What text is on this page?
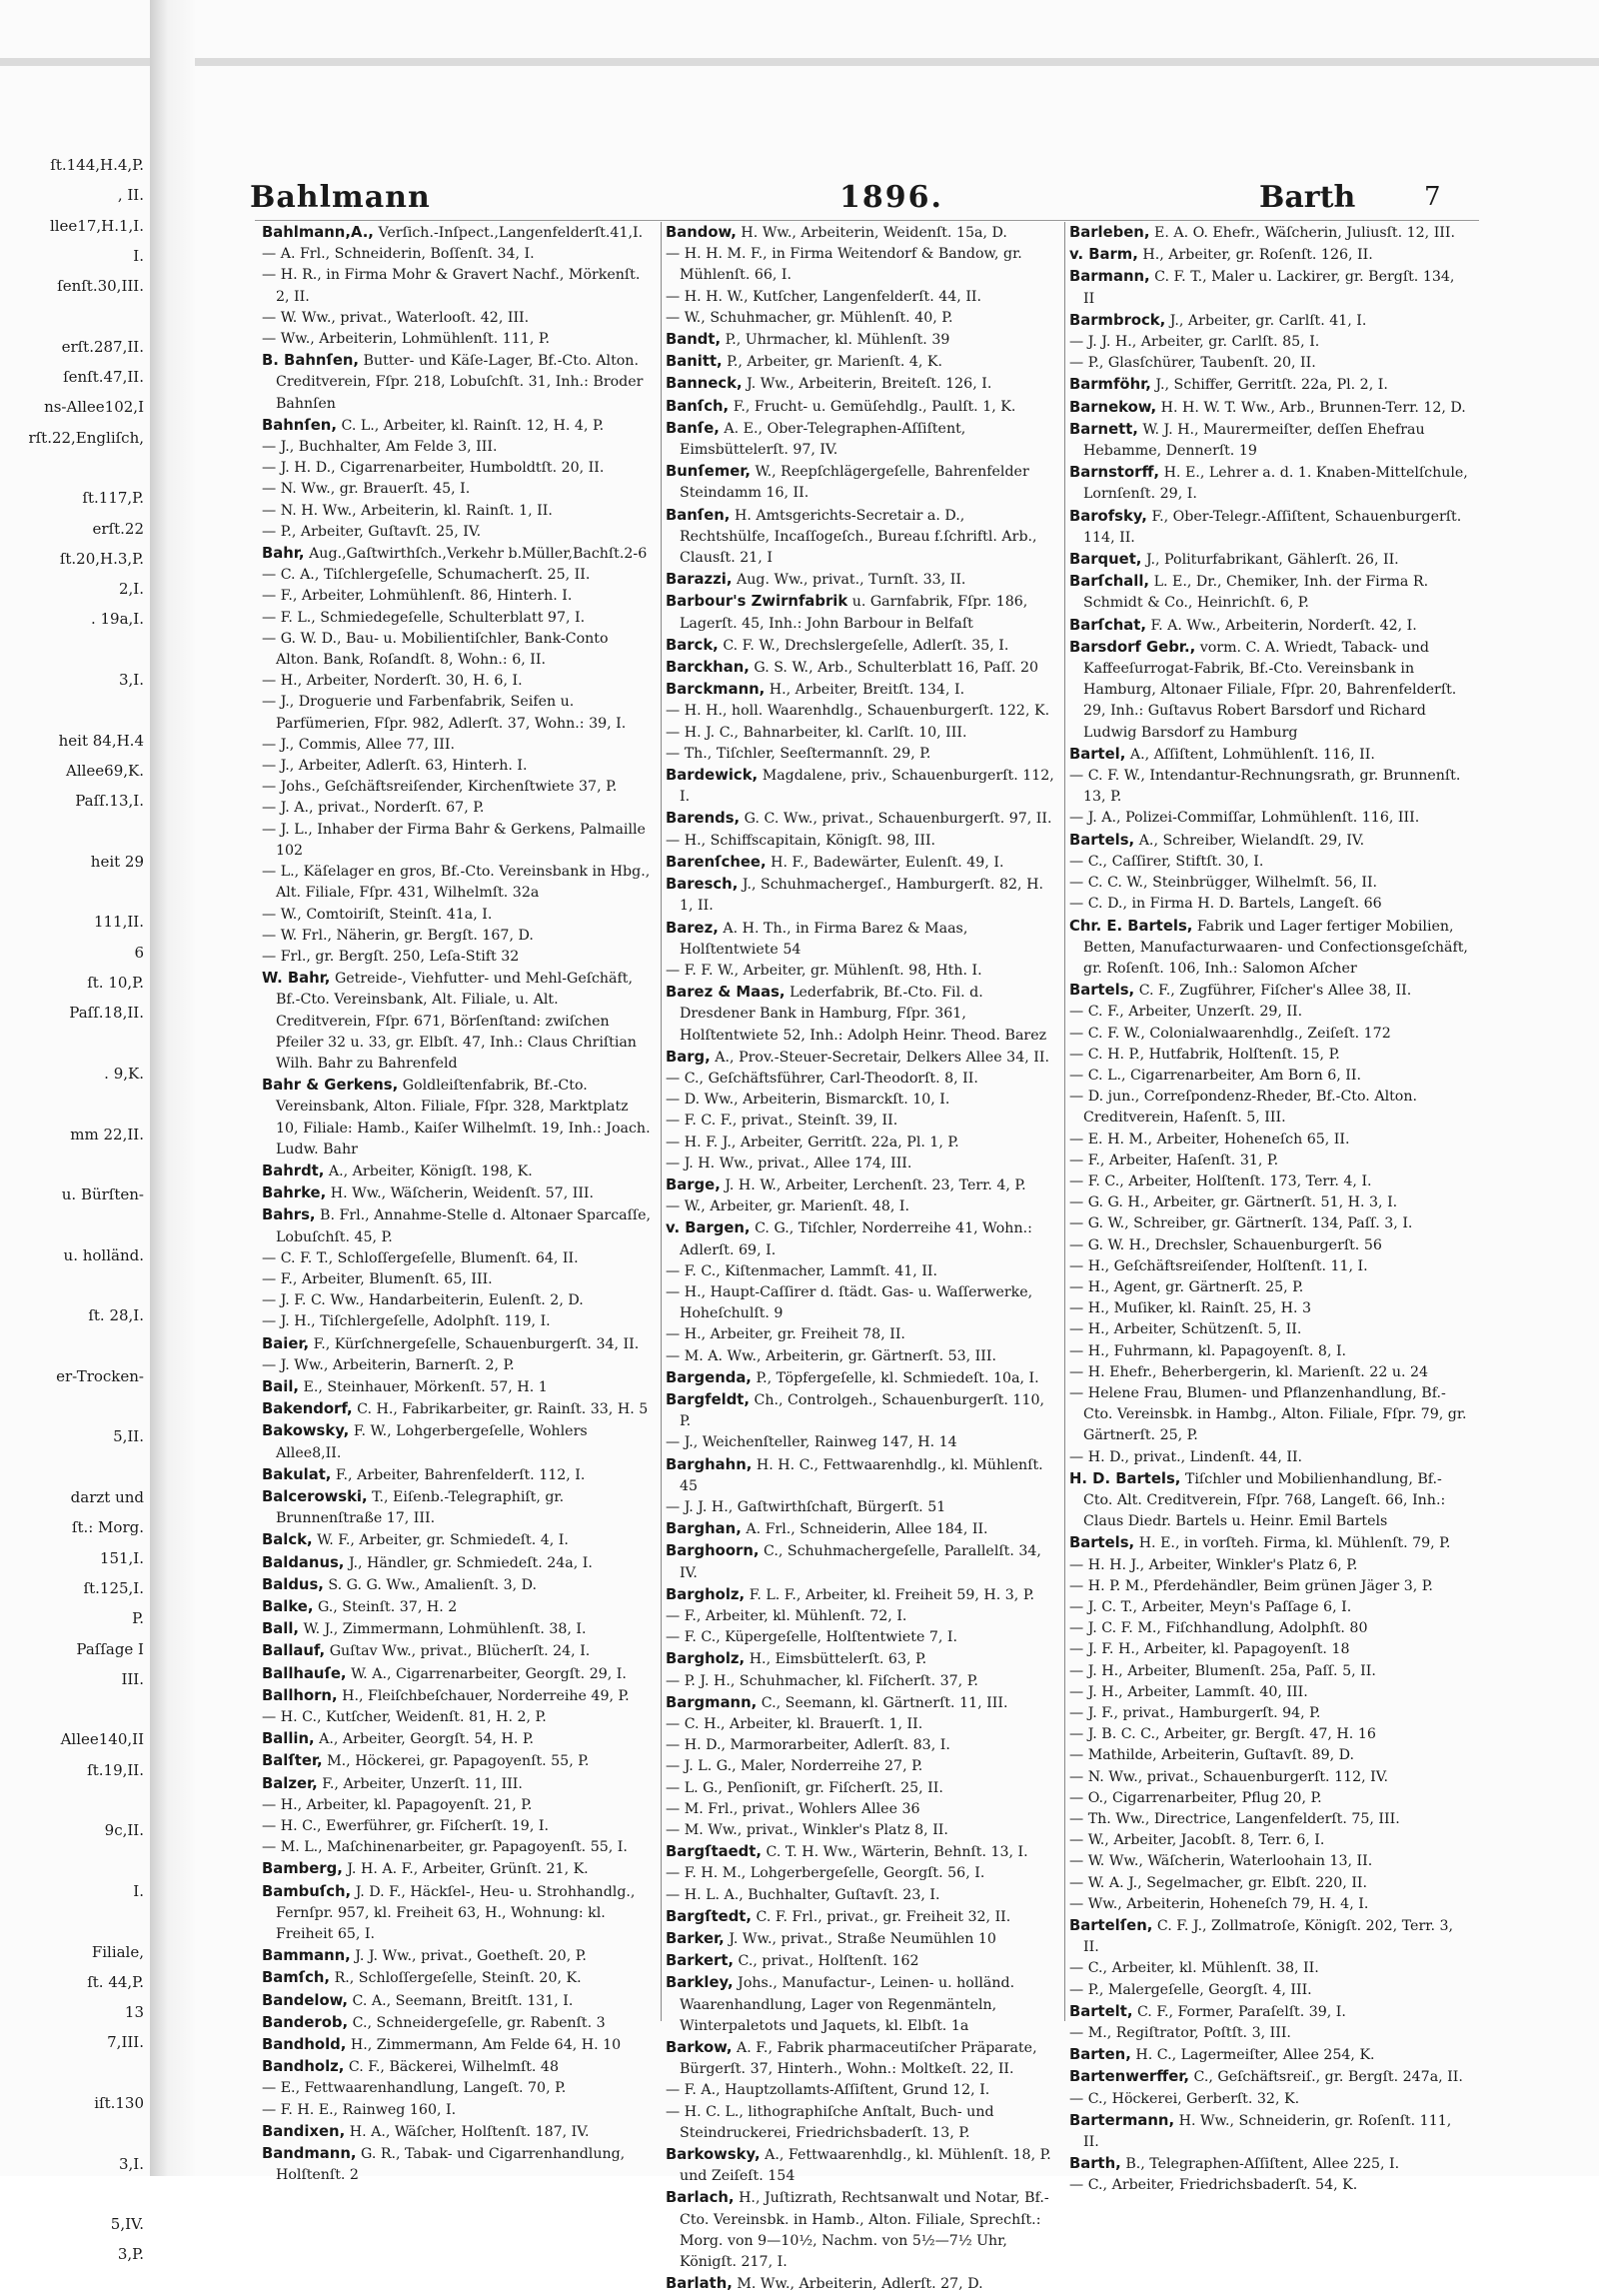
ſt.144,H.4,P.
, II.
llee17,H.1,I.
I.
ſenſt.30,III.

erſt.287,II.
ſenſt.47,II.
ns-Allee102,I
rſt.22,Engliſch,

ſt.117,P.
erſt.22
ſt.20,H.3,P.
2,I.
. 19a,I.

3,I.

heit 84,H.4
Allee69,K.
Paſſ.13,I.

heit 29

111,II.
6
ſt. 10,P.
Paſſ.18,II.

. 9,K.

mm 22,II.

u. Bürſten-

u. holländ.

ſt. 28,I.

er-Trocken-

5,II.

darzt und
ſt.: Morg.
151,I.
ſt.125,I.
P.
Paſſage I
III.

Allee140,II
ſt.19,II.

9c,II.

I.

Filiale,
ſt. 44,P.
13
7,III.

iſt.130

3,I.

5,IV.
3,P.
Bahlmann	1896.	Barth	7

Bahlmann,A., Verſich.-Inſpect.,Langenfelderſt.41,I.

— A. Frl., Schneiderin, Boſſenſt. 34, I.

— H. R., in Firma Mohr & Gravert Nachf., Mörkenſt. 2, II.

— W. Ww., privat., Waterlooſt. 42, III.

— Ww., Arbeiterin, Lohmühlenſt. 111, P.

B. Bahnſen, Butter- und Käſe-Lager, Bf.-Cto. Alton. Creditverein, Fſpr. 218, Lobuſchſt. 31, Inh.: Broder Bahnſen

Bahnſen, C. L., Arbeiter, kl. Rainſt. 12, H. 4, P.

— J., Buchhalter, Am Felde 3, III.

— J. H. D., Cigarrenarbeiter, Humboldtſt. 20, II.

— N. Ww., gr. Brauerſt. 45, I.

— N. H. Ww., Arbeiterin, kl. Rainſt. 1, II.

— P., Arbeiter, Guſtavſt. 25, IV.

Bahr, Aug.,Gaſtwirthſch.,Verkehr b.Müller,Bachſt.2-6

— C. A., Tiſchlergeſelle, Schumacherſt. 25, II.

— F., Arbeiter, Lohmühlenſt. 86, Hinterh. I.

— F. L., Schmiedegeſelle, Schulterblatt 97, I.

— G. W. D., Bau- u. Mobilientiſchler, Bank-Conto Alton. Bank, Roſandſt. 8, Wohn.: 6, II.

— H., Arbeiter, Norderſt. 30, H. 6, I.

— J., Droguerie und Farbenfabrik, Seifen u. Parfümerien, Fſpr. 982, Adlerſt. 37, Wohn.: 39, I.

— J., Commis, Allee 77, III.

— J., Arbeiter, Adlerſt. 63, Hinterh. I.

— Johs., Geſchäftsreiſender, Kirchenſtwiete 37, P.

— J. A., privat., Norderſt. 67, P.

— J. L., Inhaber der Firma Bahr & Gerkens, Palmaille 102

— L., Käſelager en gros, Bf.-Cto. Vereinsbank in Hbg., Alt. Filiale, Fſpr. 431, Wilhelmſt. 32a

— W., Comtoiriſt, Steinſt. 41a, I.

— W. Frl., Näherin, gr. Bergſt. 167, D.

— Frl., gr. Bergſt. 250, Leſa-Stift 32

W. Bahr, Getreide-, Viehfutter- und Mehl-Geſchäft, Bf.-Cto. Vereinsbank, Alt. Filiale, u. Alt. Creditverein, Fſpr. 671, Börſenſtand: zwiſchen Pfeiler 32 u. 33, gr. Elbſt. 47, Inh.: Claus Chriſtian Wilh. Bahr zu Bahrenfeld

Bahr & Gerkens, Goldleiſtenfabrik, Bf.-Cto. Vereinsbank, Alton. Filiale, Fſpr. 328, Marktplatz 10, Filiale: Hamb., Kaiſer Wilhelmſt. 19, Inh.: Joach. Ludw. Bahr

Bahrdt, A., Arbeiter, Königſt. 198, K.

Bahrke, H. Ww., Wäſcherin, Weidenſt. 57, III.

Bahrs, B. Frl., Annahme-Stelle d. Altonaer Sparcaſſe, Lobuſchſt. 45, P.

— C. F. T., Schloſſergeſelle, Blumenſt. 64, II.

— F., Arbeiter, Blumenſt. 65, III.

— J. F. C. Ww., Handarbeiterin, Eulenſt. 2, D.

— J. H., Tiſchlergeſelle, Adolphſt. 119, I.

Baier, F., Kürſchnergeſelle, Schauenburgerſt. 34, II.

— J. Ww., Arbeiterin, Barnerſt. 2, P.

Bail, E., Steinhauer, Mörkenſt. 57, H. 1

Bakendorf, C. H., Fabrikarbeiter, gr. Rainſt. 33, H. 5

Bakowsky, F. W., Lohgerbergeſelle, Wohlers Allee8,II.

Bakulat, F., Arbeiter, Bahrenfelderſt. 112, I.

Balcerowski, T., Eiſenb.-Telegraphiſt, gr. Brunnenſtraße 17, III.

Balck, W. F., Arbeiter, gr. Schmiedeſt. 4, I.

Baldanus, J., Händler, gr. Schmiedeſt. 24a, I.

Baldus, S. G. G. Ww., Amalienſt. 3, D.

Balke, G., Steinſt. 37, H. 2

Ball, W. J., Zimmermann, Lohmühlenſt. 38, I.

Ballauf, Guſtav Ww., privat., Blücherſt. 24, I.

Ballhauſe, W. A., Cigarrenarbeiter, Georgſt. 29, I.

Ballhorn, H., Fleiſchbeſchauer, Norderreihe 49, P.

— H. C., Kutſcher, Weidenſt. 81, H. 2, P.

Ballin, A., Arbeiter, Georgſt. 54, H. P.

Balſter, M., Höckerei, gr. Papagoyenſt. 55, P.

Balzer, F., Arbeiter, Unzerſt. 11, III.

— H., Arbeiter, kl. Papagoyenſt. 21, P.

— H. C., Ewerführer, gr. Fiſcherſt. 19, I.

— M. L., Maſchinenarbeiter, gr. Papagoyenſt. 55, I.

Bamberg, J. H. A. F., Arbeiter, Grünſt. 21, K.

Bambuſch, J. D. F., Häckſel-, Heu- u. Strohhandlg., Fernſpr. 957, kl. Freiheit 63, H., Wohnung: kl. Freiheit 65, I.

Bammann, J. J. Ww., privat., Goetheſt. 20, P.

Bamſch, R., Schloſſergeſelle, Steinſt. 20, K.

Bandelow, C. A., Seemann, Breitſt. 131, I.

Banderob, C., Schneidergeſelle, gr. Rabenſt. 3

Bandhold, H., Zimmermann, Am Felde 64, H. 10

Bandholz, C. F., Bäckerei, Wilhelmſt. 48

— E., Fettwaarenhandlung, Langeſt. 70, P.

— F. H. E., Rainweg 160, I.

Bandixen, H. A., Wäſcher, Holſtenſt. 187, IV.

Bandmann, G. R., Tabak- und Cigarrenhandlung, Holſtenſt. 2

Bandow, H. Ww., Arbeiterin, Weidenſt. 15a, D.

— H. H. M. F., in Firma Weitendorf & Bandow, gr. Mühlenſt. 66, I.

— H. H. W., Kutſcher, Langenfelderſt. 44, II.

— W., Schuhmacher, gr. Mühlenſt. 40, P.

Bandt, P., Uhrmacher, kl. Mühlenſt. 39

Banitt, P., Arbeiter, gr. Marienſt. 4, K.

Banneck, J. Ww., Arbeiterin, Breiteſt. 126, I.

Banſch, F., Frucht- u. Gemüſehdlg., Paulſt. 1, K.

Banſe, A. E., Ober-Telegraphen-Aſſiſtent, Eimsbüttelerſt. 97, IV.

Bunſemer, W., Reepſchlägergeſelle, Bahrenfelder Steindamm 16, II.

Banſen, H. Amtsgerichts-Secretair a. D., Rechtshülfe, Incaſſogeſch., Bureau f.ſchriftl. Arb., Clausſt. 21, I

Barazzi, Aug. Ww., privat., Turnſt. 33, II.

Barbour's Zwirnfabrik u. Garnfabrik, Fſpr. 186, Lagerſt. 45, Inh.: John Barbour in Belfaſt

Barck, C. F. W., Drechslergeſelle, Adlerſt. 35, I.

Barckhan, G. S. W., Arb., Schulterblatt 16, Paſſ. 20

Barckmann, H., Arbeiter, Breitſt. 134, I.

— H. H., holl. Waarenhdlg., Schauenburgerſt. 122, K.

— H. J. C., Bahnarbeiter, kl. Carlſt. 10, III.

— Th., Tiſchler, Seeſtermannſt. 29, P.

Bardewick, Magdalene, priv., Schauenburgerſt. 112, I.

Barends, G. C. Ww., privat., Schauenburgerſt. 97, II.

— H., Schiffscapitain, Königſt. 98, III.

Barenſchee, H. F., Badewärter, Eulenſt. 49, I.

Baresch, J., Schuhmachergeſ., Hamburgerſt. 82, H. 1, II.

Barez, A. H. Th., in Firma Barez & Maas, Holſtentwiete 54

— F. F. W., Arbeiter, gr. Mühlenſt. 98, Hth. I.

Barez & Maas, Lederfabrik, Bf.-Cto. Fil. d. Dresdener Bank in Hamburg, Fſpr. 361, Holſtentwiete 52, Inh.: Adolph Heinr. Theod. Barez

Barg, A., Prov.-Steuer-Secretair, Delkers Allee 34, II.

— C., Geſchäftsführer, Carl-Theodorſt. 8, II.

— D. Ww., Arbeiterin, Bismarckſt. 10, I.

— F. C. F., privat., Steinſt. 39, II.

— H. F. J., Arbeiter, Gerritſt. 22a, Pl. 1, P.

— J. H. Ww., privat., Allee 174, III.

Barge, J. H. W., Arbeiter, Lerchenſt. 23, Terr. 4, P.

— W., Arbeiter, gr. Marienſt. 48, I.

v. Bargen, C. G., Tiſchler, Norderreihe 41, Wohn.: Adlerſt. 69, I.

— F. C., Kiſtenmacher, Lammſt. 41, II.

— H., Haupt-Caſſirer d. ſtädt. Gas- u. Waſſerwerke, Hoheſchulſt. 9

— H., Arbeiter, gr. Freiheit 78, II.

— M. A. Ww., Arbeiterin, gr. Gärtnerſt. 53, III.

Bargenda, P., Töpfergeſelle, kl. Schmiedeſt. 10a, I.

Bargfeldt, Ch., Controlgeh., Schauenburgerſt. 110, P.

— J., Weichenſteller, Rainweg 147, H. 14

Barghahn, H. H. C., Fettwaarenhdlg., kl. Mühlenſt. 45

— J. J. H., Gaſtwirthſchaft, Bürgerſt. 51

Barghan, A. Frl., Schneiderin, Allee 184, II.

Barghoorn, C., Schuhmachergeſelle, Parallelſt. 34, IV.

Bargholz, F. L. F., Arbeiter, kl. Freiheit 59, H. 3, P.

— F., Arbeiter, kl. Mühlenſt. 72, I.

— F. C., Küpergeſelle, Holſtentwiete 7, I.

Bargholz, H., Eimsbüttelerſt. 63, P.

— P. J. H., Schuhmacher, kl. Fiſcherſt. 37, P.

Bargmann, C., Seemann, kl. Gärtnerſt. 11, III.

— C. H., Arbeiter, kl. Brauerſt. 1, II.

— H. D., Marmorarbeiter, Adlerſt. 83, I.

— J. L. G., Maler, Norderreihe 27, P.

— L. G., Penſioniſt, gr. Fiſcherſt. 25, II.

— M. Frl., privat., Wohlers Allee 36

— M. Ww., privat., Winkler's Platz 8, II.

Bargſtaedt, C. T. H. Ww., Wärterin, Behnſt. 13, I.

— F. H. M., Lohgerbergeſelle, Georgſt. 56, I.

— H. L. A., Buchhalter, Guſtavſt. 23, I.

Bargſtedt, C. F. Frl., privat., gr. Freiheit 32, II.

Barker, J. Ww., privat., Straße Neumühlen 10

Barkert, C., privat., Holſtenſt. 162

Barkley, Johs., Manufactur-, Leinen- u. holländ. Waarenhandlung, Lager von Regenmänteln, Winterpaletots und Jaquets, kl. Elbſt. 1a

Barkow, A. F., Fabrik pharmaceutiſcher Präparate, Bürgerſt. 37, Hinterh., Wohn.: Moltkeſt. 22, II.

— F. A., Hauptzollamts-Aſſiſtent, Grund 12, I.

— H. C. L., lithographiſche Anſtalt, Buch- und Steindruckerei, Friedrichsbaderſt. 13, P.

Barkowsky, A., Fettwaarenhdlg., kl. Mühlenſt. 18, P. und Zeiſeſt. 154

Barlach, H., Juſtizrath, Rechtsanwalt und Notar, Bf.-Cto. Vereinsbk. in Hamb., Alton. Filiale, Sprechſt.: Morg. von 9—10½, Nachm. von 5½—7½ Uhr, Königſt. 217, I.

Barlath, M. Ww., Arbeiterin, Adlerſt. 27, D.

Barleben, E. A. O. Ehefr., Wäſcherin, Juliusſt. 12, III.

v. Barm, H., Arbeiter, gr. Roſenſt. 126, II.

Barmann, C. F. T., Maler u. Lackirer, gr. Bergſt. 134, II

Barmbrock, J., Arbeiter, gr. Carlſt. 41, I.

— J. J. H., Arbeiter, gr. Carlſt. 85, I.

— P., Glasſchürer, Taubenſt. 20, II.

Barmföhr, J., Schiffer, Gerritſt. 22a, Pl. 2, I.

Barnekow, H. H. W. T. Ww., Arb., Brunnen-Terr. 12, D.

Barnett, W. J. H., Maurermeiſter, deſſen Ehefrau Hebamme, Dennerſt. 19

Barnstorff, H. E., Lehrer a. d. 1. Knaben-Mittelſchule, Lornſenſt. 29, I.

Barofsky, F., Ober-Telegr.-Aſſiſtent, Schauenburgerſt. 114, II.

Barquet, J., Politurfabrikant, Gählerſt. 26, II.

Barſchall, L. E., Dr., Chemiker, Inh. der Firma R. Schmidt & Co., Heinrichſt. 6, P.

Barſchat, F. A. Ww., Arbeiterin, Norderſt. 42, I.

Barsdorf Gebr., vorm. C. A. Wriedt, Taback- und Kaffeeſurrogat-Fabrik, Bf.-Cto. Vereinsbank in Hamburg, Altonaer Filiale, Fſpr. 20, Bahrenfelderſt. 29, Inh.: Guſtavus Robert Barsdorf und Richard Ludwig Barsdorf zu Hamburg

Bartel, A., Aſſiſtent, Lohmühlenſt. 116, II.

— C. F. W., Intendantur-Rechnungsrath, gr. Brunnenſt. 13, P.

— J. A., Polizei-Commiſſar, Lohmühlenſt. 116, III.

Bartels, A., Schreiber, Wielandſt. 29, IV.

— C., Caſſirer, Stiftſt. 30, I.

— C. C. W., Steinbrügger, Wilhelmſt. 56, II.

— C. D., in Firma H. D. Bartels, Langeſt. 66

Chr. E. Bartels, Fabrik und Lager fertiger Mobilien, Betten, Manufacturwaaren- und Confectionsgeſchäft, gr. Roſenſt. 106, Inh.: Salomon Aſcher

Bartels, C. F., Zugführer, Fiſcher's Allee 38, II.

— C. F., Arbeiter, Unzerſt. 29, II.

— C. F. W., Colonialwaarenhdlg., Zeiſeſt. 172

— C. H. P., Hutfabrik, Holſtenſt. 15, P.

— C. L., Cigarrenarbeiter, Am Born 6, II.

— D. jun., Correſpondenz-Rheder, Bf.-Cto. Alton. Creditverein, Haſenſt. 5, III.

— E. H. M., Arbeiter, Hoheneſch 65, II.

— F., Arbeiter, Haſenſt. 31, P.

— F. C., Arbeiter, Holſtenſt. 173, Terr. 4, I.

— G. G. H., Arbeiter, gr. Gärtnerſt. 51, H. 3, I.

— G. W., Schreiber, gr. Gärtnerſt. 134, Paſſ. 3, I.

— G. W. H., Drechsler, Schauenburgerſt. 56

— H., Geſchäftsreiſender, Holſtenſt. 11, I.

— H., Agent, gr. Gärtnerſt. 25, P.

— H., Muſiker, kl. Rainſt. 25, H. 3

— H., Arbeiter, Schützenſt. 5, II.

— H., Fuhrmann, kl. Papagoyenſt. 8, I.

— H. Ehefr., Beherbergerin, kl. Marienſt. 22 u. 24

— Helene Frau, Blumen- und Pflanzenhandlung, Bf.-Cto. Vereinsbk. in Hambg., Alton. Filiale, Fſpr. 79, gr. Gärtnerſt. 25, P.

— H. D., privat., Lindenſt. 44, II.

H. D. Bartels, Tiſchler und Mobilienhandlung, Bf.-Cto. Alt. Creditverein, Fſpr. 768, Langeſt. 66, Inh.: Claus Diedr. Bartels u. Heinr. Emil Bartels

Bartels, H. E., in vorſteh. Firma, kl. Mühlenſt. 79, P.

— H. H. J., Arbeiter, Winkler's Platz 6, P.

— H. P. M., Pferdehändler, Beim grünen Jäger 3, P.

— J. C. T., Arbeiter, Meyn's Paſſage 6, I.

— J. C. F. M., Fiſchhandlung, Adolphſt. 80

— J. F. H., Arbeiter, kl. Papagoyenſt. 18

— J. H., Arbeiter, Blumenſt. 25a, Paſſ. 5, II.

— J. H., Arbeiter, Lammſt. 40, III.

— J. F., privat., Hamburgerſt. 94, P.

— J. B. C. C., Arbeiter, gr. Bergſt. 47, H. 16

— Mathilde, Arbeiterin, Guſtavſt. 89, D.

— N. Ww., privat., Schauenburgerſt. 112, IV.

— O., Cigarrenarbeiter, Pflug 20, P.

— Th. Ww., Directrice, Langenfelderſt. 75, III.

— W., Arbeiter, Jacobſt. 8, Terr. 6, I.

— W. Ww., Wäſcherin, Waterloohain 13, II.

— W. A. J., Segelmacher, gr. Elbſt. 220, II.

— Ww., Arbeiterin, Hoheneſch 79, H. 4, I.

Bartelſen, C. F. J., Zollmatroſe, Königſt. 202, Terr. 3, II.

— C., Arbeiter, kl. Mühlenſt. 38, II.

— P., Malergeſelle, Georgſt. 4, III.

Bartelt, C. F., Former, Paraſelſt. 39, I.

— M., Regiſtrator, Poſtſt. 3, III.

Barten, H. C., Lagermeiſter, Allee 254, K.

Bartenwerffer, C., Geſchäftsreiſ., gr. Bergſt. 247a, II.

— C., Höckerei, Gerberſt. 32, K.

Bartermann, H. Ww., Schneiderin, gr. Roſenſt. 111, II.

Barth, B., Telegraphen-Aſſiſtent, Allee 225, I.

— C., Arbeiter, Friedrichsbaderſt. 54, K.
